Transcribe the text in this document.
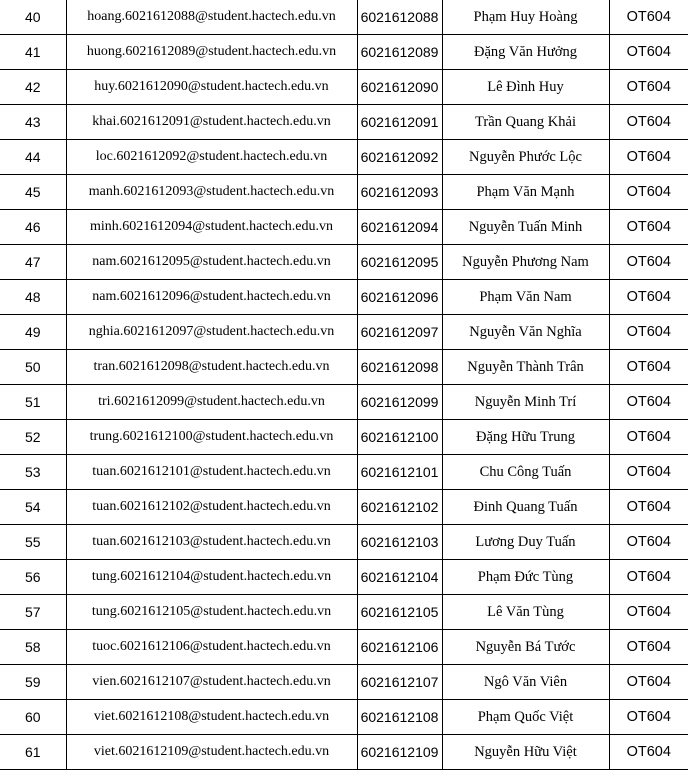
40	hoang.6021612088@student.hactech.edu.vn	6021612088	Phạm Huy Hoàng	OT604
41	huong.6021612089@student.hactech.edu.vn	6021612089	Đặng Văn Hưởng	OT604
42	huy.6021612090@student.hactech.edu.vn	6021612090	Lê Đình Huy	OT604
43	khai.6021612091@student.hactech.edu.vn	6021612091	Trần Quang Khải	OT604
44	loc.6021612092@student.hactech.edu.vn	6021612092	Nguyễn Phước Lộc	OT604
45	manh.6021612093@student.hactech.edu.vn	6021612093	Phạm Văn Mạnh	OT604
46	minh.6021612094@student.hactech.edu.vn	6021612094	Nguyễn Tuấn Minh	OT604
47	nam.6021612095@student.hactech.edu.vn	6021612095	Nguyễn Phương Nam	OT604
48	nam.6021612096@student.hactech.edu.vn	6021612096	Phạm Văn Nam	OT604
49	nghia.6021612097@student.hactech.edu.vn	6021612097	Nguyễn Văn Nghĩa	OT604
50	tran.6021612098@student.hactech.edu.vn	6021612098	Nguyễn Thành Trân	OT604
51	tri.6021612099@student.hactech.edu.vn	6021612099	Nguyễn Minh Trí	OT604
52	trung.6021612100@student.hactech.edu.vn	6021612100	Đặng Hữu Trung	OT604
53	tuan.6021612101@student.hactech.edu.vn	6021612101	Chu Công Tuấn	OT604
54	tuan.6021612102@student.hactech.edu.vn	6021612102	Đinh Quang Tuấn	OT604
55	tuan.6021612103@student.hactech.edu.vn	6021612103	Lương Duy Tuấn	OT604
56	tung.6021612104@student.hactech.edu.vn	6021612104	Phạm Đức Tùng	OT604
57	tung.6021612105@student.hactech.edu.vn	6021612105	Lê Văn Tùng	OT604
58	tuoc.6021612106@student.hactech.edu.vn	6021612106	Nguyễn Bá Tước	OT604
59	vien.6021612107@student.hactech.edu.vn	6021612107	Ngô Văn Viên	OT604
60	viet.6021612108@student.hactech.edu.vn	6021612108	Phạm Quốc Việt	OT604
61	viet.6021612109@student.hactech.edu.vn	6021612109	Nguyễn Hữu Việt	OT604
